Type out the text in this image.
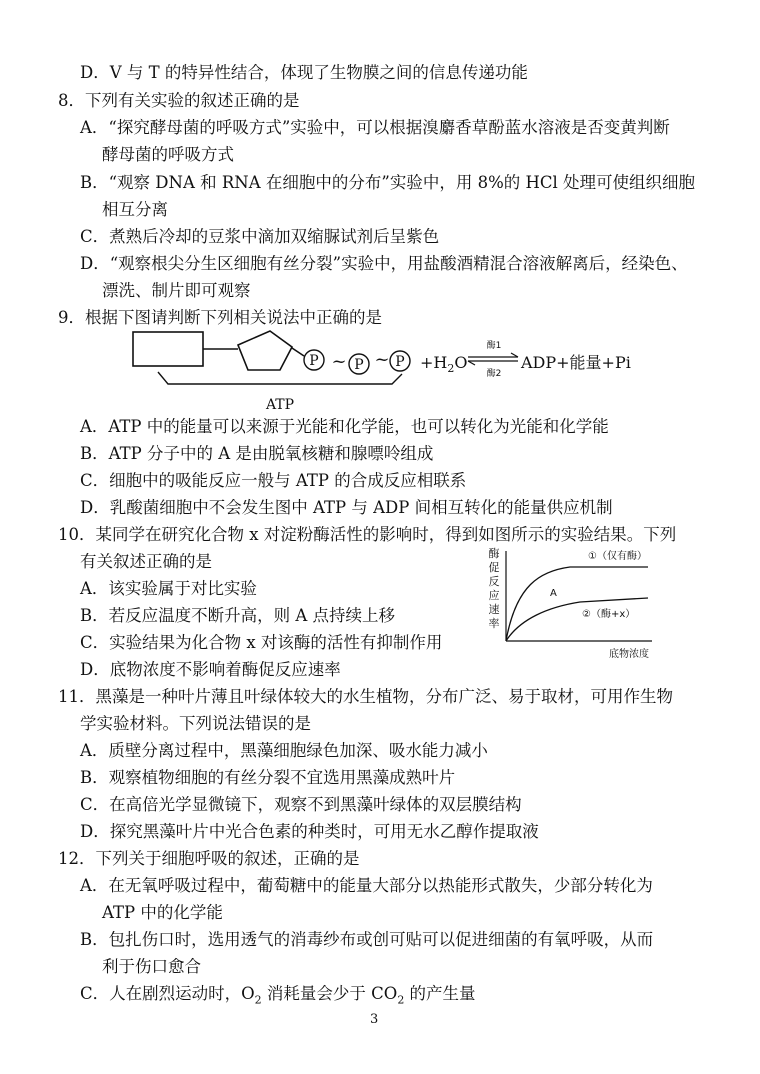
D．V 与 T 的特异性结合，体现了生物膜之间的信息传递功能
8．下列有关实验的叙述正确的是
A．“探究酵母菌的呼吸方式”实验中，可以根据溴麝香草酚蓝水溶液是否变黄判断
酵母菌的呼吸方式
B．“观察 DNA 和 RNA 在细胞中的分布”实验中，用 8%的 HCl 处理可使组织细胞
相互分离
C．煮熟后冷却的豆浆中滴加双缩脲试剂后呈紫色
D．“观察根尖分生区细胞有丝分裂”实验中，用盐酸酒精混合溶液解离后，经染色、
漂洗、制片即可观察
9．根据下图请判断下列相关说法中正确的是
A．ATP 中的能量可以来源于光能和化学能，也可以转化为光能和化学能
B．ATP 分子中的 A 是由脱氧核糖和腺嘌呤组成
C．细胞中的吸能反应一般与 ATP 的合成反应相联系
D．乳酸菌细胞中不会发生图中 ATP 与 ADP 间相互转化的能量供应机制
10．某同学在研究化合物 x 对淀粉酶活性的影响时，得到如图所示的实验结果。下列
有关叙述正确的是
A．该实验属于对比实验
B．若反应温度不断升高，则 A 点持续上移
C．实验结果为化合物 x 对该酶的活性有抑制作用
D．底物浓度不影响着酶促反应速率
11．黑藻是一种叶片薄且叶绿体较大的水生植物，分布广泛、易于取材，可用作生物
学实验材料。下列说法错误的是
A．质壁分离过程中，黑藻细胞绿色加深、吸水能力减小
B．观察植物细胞的有丝分裂不宜选用黑藻成熟叶片
C．在高倍光学显微镜下，观察不到黑藻叶绿体的双层膜结构
D．探究黑藻叶片中光合色素的种类时，可用无水乙醇作提取液
12．下列关于细胞呼吸的叙述，正确的是
A．在无氧呼吸过程中，葡萄糖中的能量大部分以热能形式散失，少部分转化为
ATP 中的化学能
B．包扎伤口时，选用透气的消毒纱布或创可贴可以促进细菌的有氧呼吸，从而
利于伤口愈合
C．人在剧烈运动时，$O_2$ 消耗量会少于 $CO_2$ 的产生量
P ~ P ~ $P +H_2O$
酶1
酶2
ADP+能量+Pi
ATP
酶
促
反
应
速
率
①（仅有酶）
A
②（酶+x）
底物浓度
3
